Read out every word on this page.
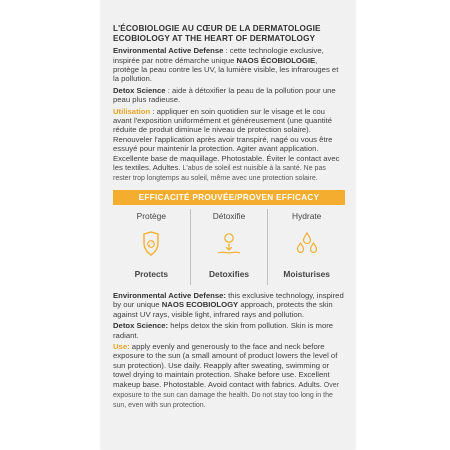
L'ÉCOBIOLOGIE AU CŒUR DE LA DERMATOLOGIE
ECOBIOLOGY AT THE HEART OF DERMATOLOGY

Environmental Active Defense : cette technologie exclusive, inspirée par notre démarche unique NAOS ÉCOBIOLOGIE, protège la peau contre les UV, la lumière visible, les infrarouges et la pollution.

Detox Science : aide à détoxifier la peau de la pollution pour une peau plus radieuse.

Utilisation : appliquer en soin quotidien sur le visage et le cou avant l'exposition uniformément et généreusement (une quantité réduite de produit diminue le niveau de protection solaire). Renouveler l'application après avoir transpiré, nagé ou vous être essuyé pour maintenir la protection. Agiter avant application. Excellente base de maquillage. Photostable. Éviter le contact avec les textiles. Adultes. L'abus de soleil est nuisible à la santé. Ne pas rester trop longtemps au soleil, même avec une protection solaire.

EFFICACITÉ PROUVÉE/PROVEN EFFICACY
Protège
Protects
Détoxifie
Detoxifies
Hydrate
Moisturises

Environmental Active Defense: this exclusive technology, inspired by our unique NAOS ECOBIOLOGY approach, protects the skin against UV rays, visible light, infrared rays and pollution.

Detox Science: helps detox the skin from pollution. Skin is more radiant.

Use: apply evenly and generously to the face and neck before exposure to the sun (a small amount of product lowers the level of sun protection). Use daily. Reapply after sweating, swimming or towel drying to maintain protection. Shake before use. Excellent makeup base. Photostable. Avoid contact with fabrics. Adults. Over exposure to the sun can damage the health. Do not stay too long in the sun, even with sun protection.
